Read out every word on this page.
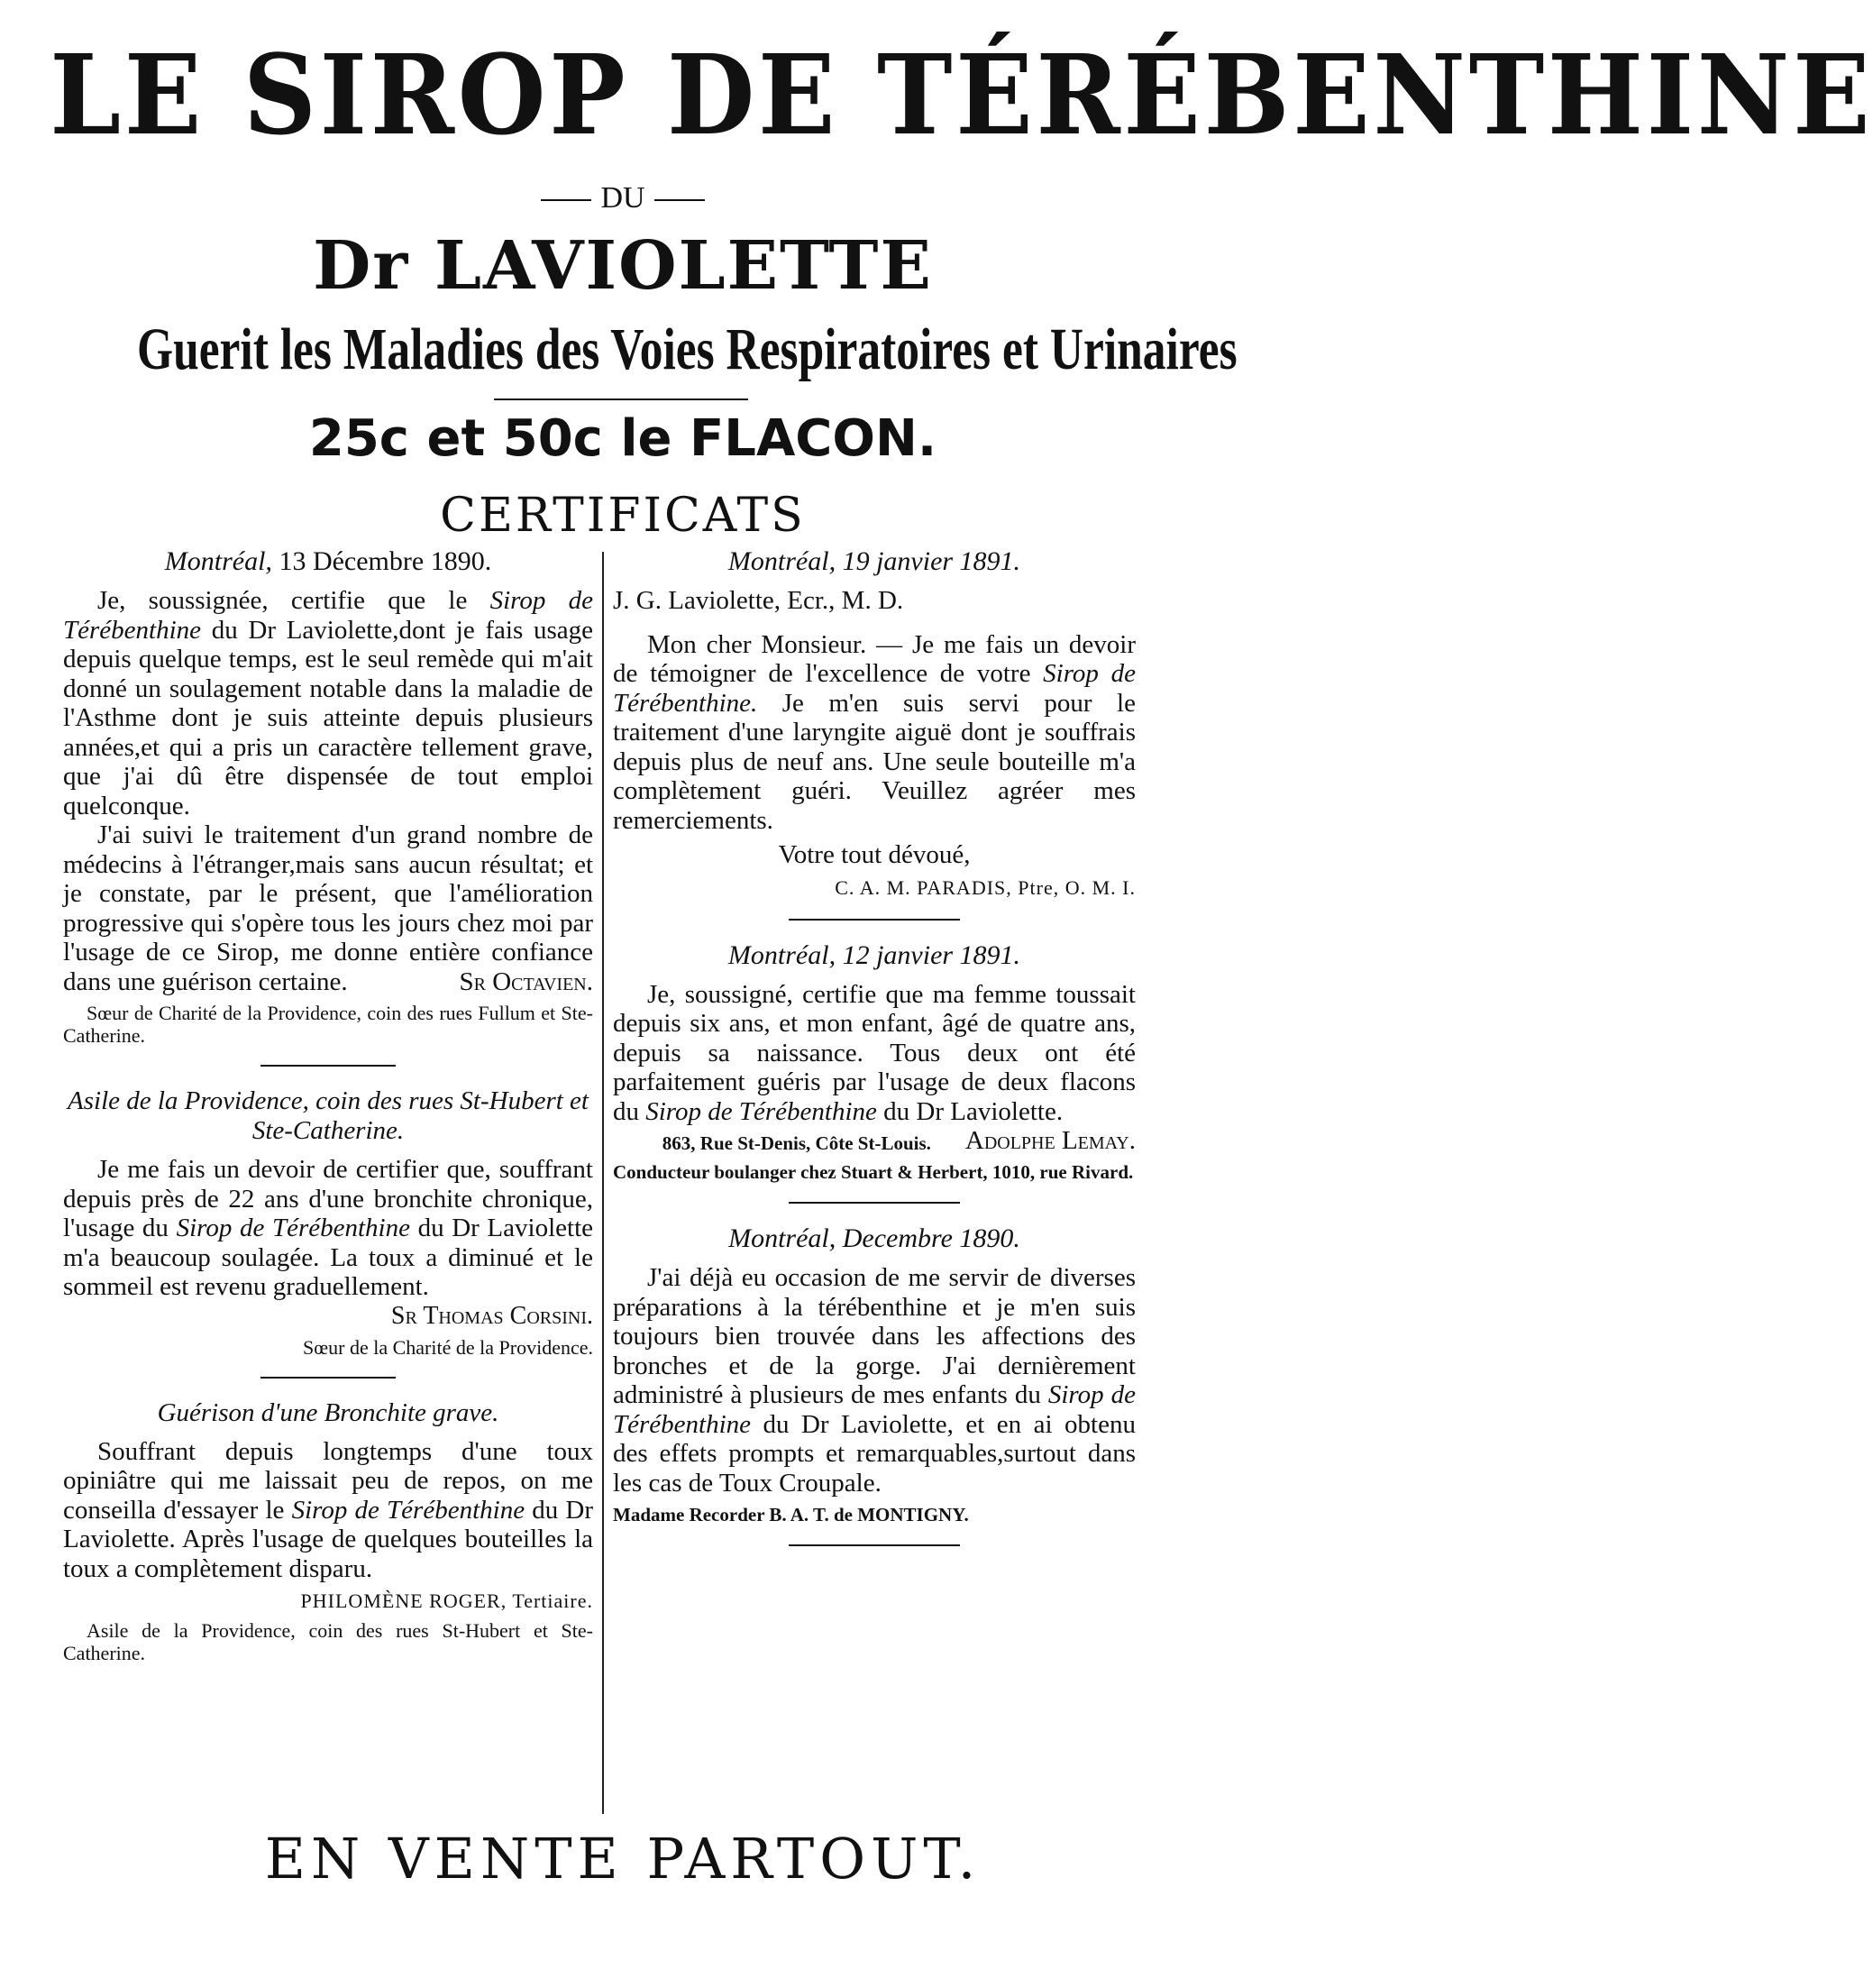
LE SIROP DE TÉRÉBENTHINE
DU
Dr LAVIOLETTE
Guerit les Maladies des Voies Respiratoires et Urinaires
25c et 50c le FLACON.
CERTIFICATS

Montréal, 13 Décembre 1890.

Je, soussignée, certifie que le Sirop de Térébenthine du Dr Laviolette,dont je fais usage depuis quelque temps, est le seul remède qui m'ait donné un soulagement notable dans la maladie de l'Asthme dont je suis atteinte depuis plusieurs années,et qui a pris un caractère tellement grave, que j'ai dû être dispensée de tout emploi quelconque.

J'ai suivi le traitement d'un grand nombre de médecins à l'étranger,mais sans aucun résultat; et je constate, par le présent, que l'amélioration progressive qui s'opère tous les jours chez moi par l'usage de ce Sirop, me donne entière confiance dans une guérison certaine.	Sr Octavien.

Sœur de Charité de la Providence, coin des rues Fullum et Ste-Catherine.

Asile de la Providence, coin des rues St-Hubert et Ste-Catherine.

Je me fais un devoir de certifier que, souffrant depuis près de 22 ans d'une bronchite chronique, l'usage du Sirop de Térébenthine du Dr Laviolette m'a beaucoup soulagée. La toux a diminué et le sommeil est revenu graduellement.

Sr Thomas Corsini.

Sœur de la Charité de la Providence.

Guérison d'une Bronchite grave.

Souffrant depuis longtemps d'une toux opiniâtre qui me laissait peu de repos, on me conseilla d'essayer le Sirop de Térébenthine du Dr Laviolette. Après l'usage de quelques bouteilles la toux a complètement disparu.

PHILOMÈNE ROGER, Tertiaire.

Asile de la Providence, coin des rues St-Hubert et Ste-Catherine.

Montréal, 19 janvier 1891.

J. G. Laviolette, Ecr., M. D.

Mon cher Monsieur. — Je me fais un devoir de témoigner de l'excellence de votre Sirop de Térébenthine. Je m'en suis servi pour le traitement d'une laryngite aiguë dont je souffrais depuis plus de neuf ans. Une seule bouteille m'a complètement guéri. Veuillez agréer mes remerciements.

Votre tout dévoué,

C. A. M. PARADIS, Ptre, O. M. I.

Montréal, 12 janvier 1891.

Je, soussigné, certifie que ma femme toussait depuis six ans, et mon enfant, âgé de quatre ans, depuis sa naissance. Tous deux ont été parfaitement guéris par l'usage de deux flacons du Sirop de Térébenthine du Dr Laviolette.
Adolphe Lemay.

863, Rue St-Denis, Côte St-Louis.

Conducteur boulanger chez Stuart & Herbert, 1010, rue Rivard.

Montréal, Decembre 1890.

J'ai déjà eu occasion de me servir de diverses préparations à la térébenthine et je m'en suis toujours bien trouvée dans les affections des bronches et de la gorge. J'ai dernièrement administré à plusieurs de mes enfants du Sirop de Térébenthine du Dr Laviolette, et en ai obtenu des effets prompts et remarquables,surtout dans les cas de Toux Croupale.

Madame Recorder B. A. T. de MONTIGNY.

EN VENTE PARTOUT.
